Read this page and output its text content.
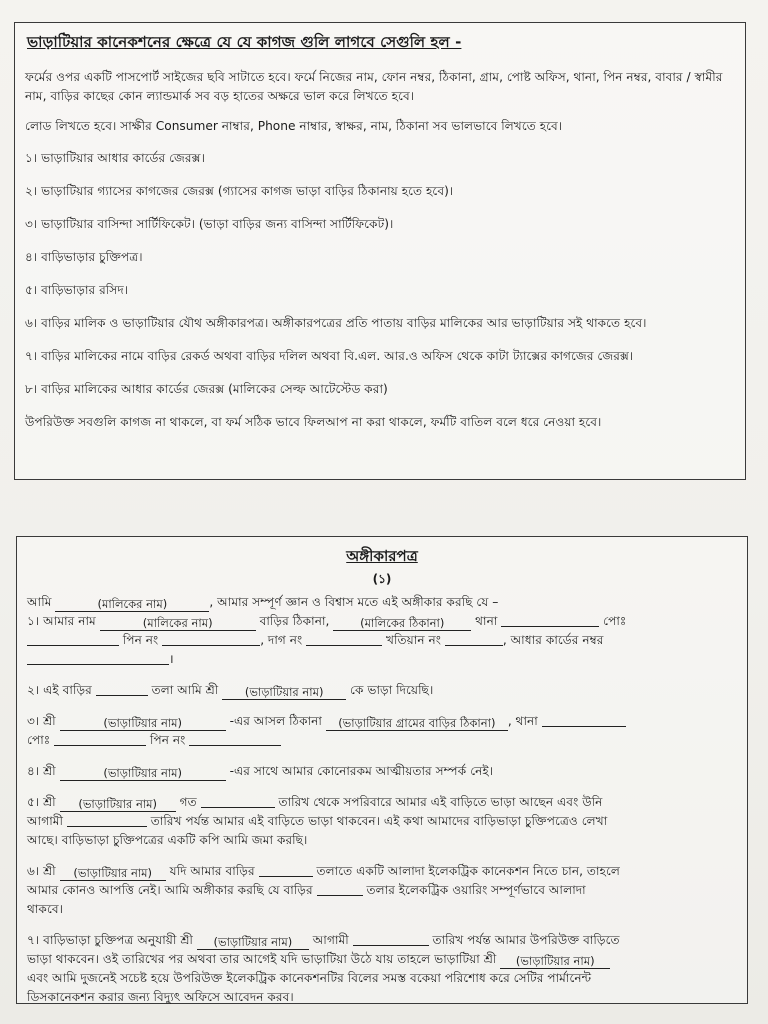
ভাড়াটিয়ার কানেকশনের ক্ষেত্রে যে যে কাগজ গুলি লাগবে সেগুলি হল -
ফর্মের ওপর একটি পাসপোর্ট সাইজের ছবি সাটাতে হবে। ফর্মে নিজের নাম, ফোন নম্বর, ঠিকানা, গ্রাম, পোষ্ট অফিস, থানা, পিন নম্বর, বাবার / স্বামীর নাম, বাড়ির কাছের কোন ল্যান্ডমার্ক সব বড় হাতের অক্ষরে ভাল করে লিখতে হবে।
লোড লিখতে হবে। সাক্ষীর Consumer নাম্বার, Phone নাম্বার, স্বাক্ষর, নাম, ঠিকানা সব ভালভাবে লিখতে হবে।
১। ভাড়াটিয়ার আধার কার্ডের জেরক্স।
২। ভাড়াটিয়ার গ্যাসের কাগজের জেরক্স (গ্যাসের কাগজ ভাড়া বাড়ির ঠিকানায় হতে হবে)।
৩। ভাড়াটিয়ার বাসিন্দা সার্টিফিকেট। (ভাড়া বাড়ির জন্য বাসিন্দা সার্টিফিকেট)।
৪। বাড়িভাড়ার চুক্তিপত্র।
৫। বাড়িভাড়ার রসিদ।
৬। বাড়ির মালিক ও ভাড়াটিয়ার যৌথ অঙ্গীকারপত্র। অঙ্গীকারপত্রের প্রতি পাতায় বাড়ির মালিকের আর ভাড়াটিয়ার সই থাকতে হবে।
৭। বাড়ির মালিকের নামে বাড়ির রেকর্ড অথবা বাড়ির দলিল অথবা বি.এল. আর.ও অফিস থেকে কাটা ট্যাক্সের কাগজের জেরক্স।
৮। বাড়ির মালিকের আধার কার্ডের জেরক্স (মালিকের সেল্ফ আটেস্টেড করা)
উপরিউক্ত সবগুলি কাগজ না থাকলে, বা ফর্ম সঠিক ভাবে ফিলআপ না করা থাকলে, ফর্মটি বাতিল বলে ধরে নেওয়া হবে।
অঙ্গীকারপত্র
(১)
আমি	(মালিকের নাম)	, আমার সম্পূর্ণ জ্ঞান ও বিশ্বাস মতে এই অঙ্গীকার করছি যে –
১। আমার নাম	(মালিকের নাম)	বাড়ির ঠিকানা,	(মালিকের ঠিকানা)	থানা	পোঃ
পিন নং	, দাগ নং	খতিয়ান নং	, আধার কার্ডের নম্বর
।
২। এই বাড়ির	তলা আমি শ্রী (ভাড়াটিয়ার নাম) কে ভাড়া দিয়েছি।
৩। শ্রী	(ভাড়াটিয়ার নাম)	-এর আসল ঠিকানা (ভাড়াটিয়ার গ্রামের বাড়ির ঠিকানা) , থানা
পোঃ	পিন নং
৪। শ্রী	(ভাড়াটিয়ার নাম)	-এর সাথে আমার কোনোরকম আত্মীয়তার সম্পর্ক নেই।
৫। শ্রী (ভাড়াটিয়ার নাম) গত	তারিখ থেকে সপরিবারে আমার এই বাড়িতে ভাড়া আছেন এবং উনি
আগামী	তারিখ পর্যন্ত আমার এই বাড়িতে ভাড়া থাকবেন। এই কথা আমাদের বাড়িভাড়া চুক্তিপত্রেও লেখা
আছে। বাড়িভাড়া চুক্তিপত্রের একটি কপি আমি জমা করছি।
৬। শ্রী (ভাড়াটিয়ার নাম) যদি আমার বাড়ির	তলাতে একটি আলাদা ইলেকট্রিক কানেকশন নিতে চান, তাহলে
আমার কোনও আপত্তি নেই। আমি অঙ্গীকার করছি যে বাড়ির	তলার ইলেকট্রিক ওয়ারিং সম্পূর্ণভাবে আলাদা
থাকবে।
৭। বাড়িভাড়া চুক্তিপত্র অনুযায়ী শ্রী (ভাড়াটিয়ার নাম) আগামী	তারিখ পর্যন্ত আমার উপরিউক্ত বাড়িতে
ভাড়া থাকবেন। ওই তারিখের পর অথবা তার আগেই যদি ভাড়াটিয়া উঠে যায় তাহলে ভাড়াটিয়া শ্রী (ভাড়াটিয়ার নাম)
এবং আমি দুজনেই সচেষ্ট হয়ে উপরিউক্ত ইলেকট্রিক কানেকশনটির বিলের সমস্ত বকেয়া পরিশোধ করে সেটির পার্মানেন্ট
ডিসকানেকশন করার জন্য বিদ্যুৎ অফিসে আবেদন করব।
